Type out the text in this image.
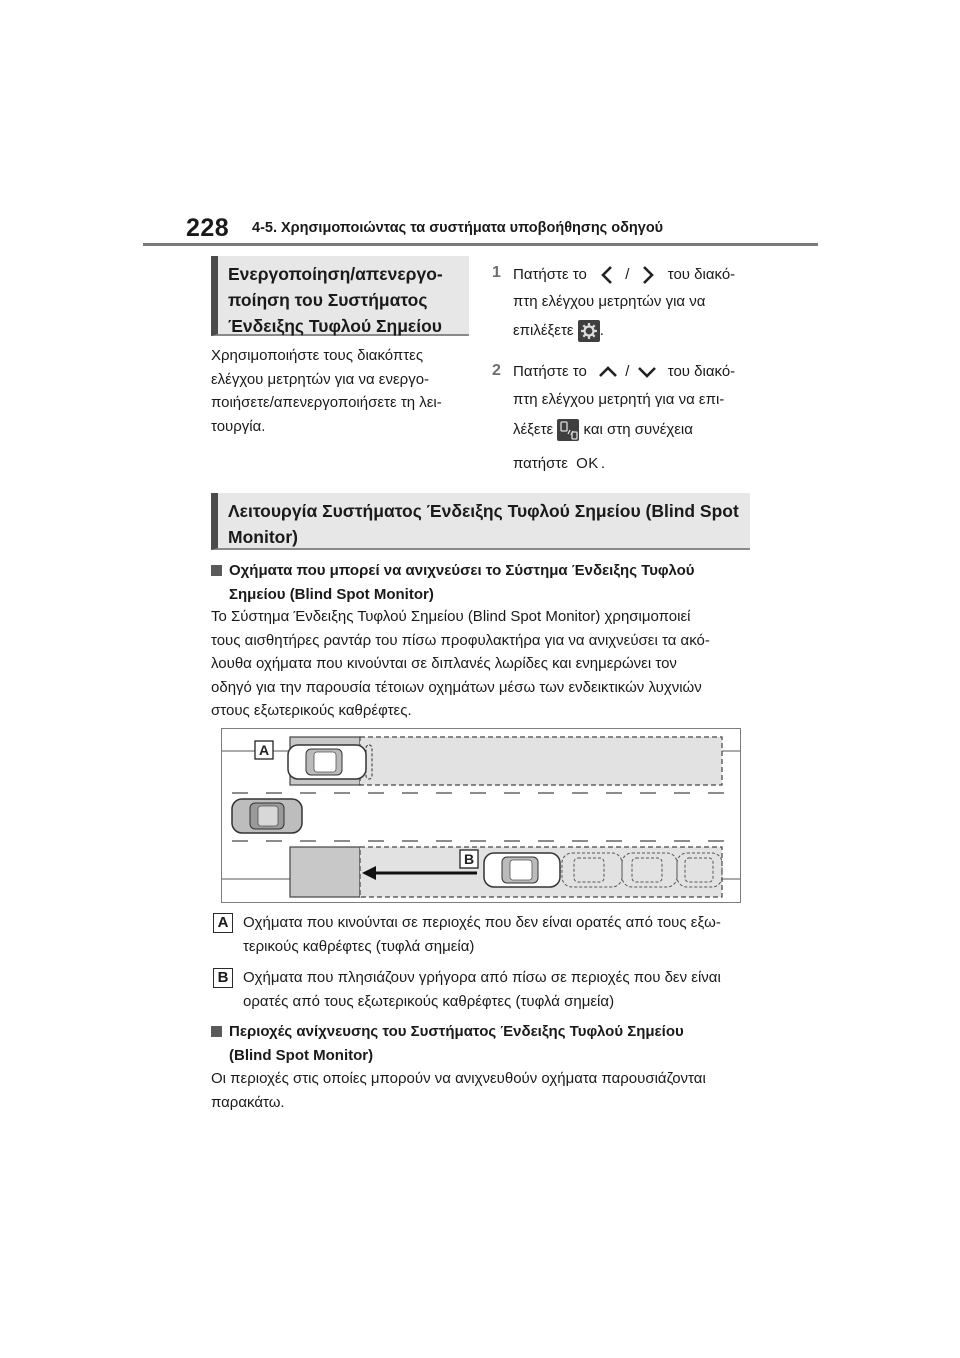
228 4-5. Χρησιμοποιώντας τα συστήματα υποβοήθησης οδηγού
Ενεργοποίηση/απενεργο-
ποίηση του Συστήματος
Ένδειξης Τυφλού Σημείου
Χρησιμοποιήστε τους διακόπτες
ελέγχου μετρητών για να ενεργο-
ποιήσετε/απενεργοποιήσετε τη λει-
τουργία.
1 Πατήστε το	/	του διακό-
πτη ελέγχου μετρητών για να
επιλέξετε .
2 Πατήστε το	/	του διακό-
πτη ελέγχου μετρητή για να επι-
λέξετε και στη συνέχεια
πατήστε OK .
Λειτουργία Συστήματος Ένδειξης Τυφλού Σημείου (Blind Spot Monitor)
Οχήματα που μπορεί να ανιχνεύσει το Σύστημα Ένδειξης Τυφλού
Σημείου (Blind Spot Monitor)
Το Σύστημα Ένδειξης Τυφλού Σημείου (Blind Spot Monitor) χρησιμοποιεί
τους αισθητήρες ραντάρ του πίσω προφυλακτήρα για να ανιχνεύσει τα ακό-
λουθα οχήματα που κινούνται σε διπλανές λωρίδες και ενημερώνει τον
οδηγό για την παρουσία τέτοιων οχημάτων μέσω των ενδεικτικών λυχνιών
στους εξωτερικούς καθρέφτες.
A
B
A Οχήματα που κινούνται σε περιοχές που δεν είναι ορατές από τους εξω-
τερικούς καθρέφτες (τυφλά σημεία)
B Οχήματα που πλησιάζουν γρήγορα από πίσω σε περιοχές που δεν είναι
ορατές από τους εξωτερικούς καθρέφτες (τυφλά σημεία)
Περιοχές ανίχνευσης του Συστήματος Ένδειξης Τυφλού Σημείου
(Blind Spot Monitor)
Οι περιοχές στις οποίες μπορούν να ανιχνευθούν οχήματα παρουσιάζονται
παρακάτω.
